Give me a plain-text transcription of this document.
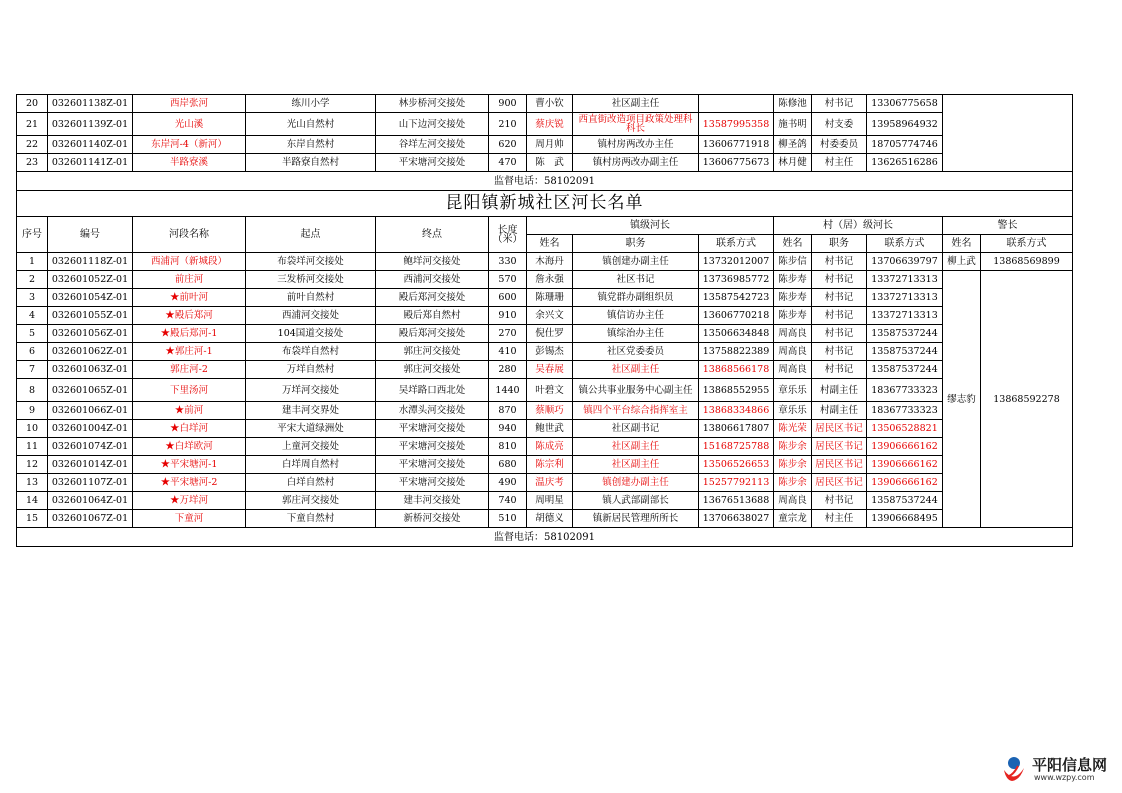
20	032601138Z-01	西岸张河	练川小学	林步桥河交接处	900	曹小钦	社区副主任		陈修池	村书记	13306775658		
21	032601139Z-01	光山溪	光山自然村	山下边河交接处	210	蔡庆锐	西直街改造项目政策处理科科长	13587995358	施书明	村支委	13958964932		
22	032601140Z-01	东岸河-4（新河）	东岸自然村	谷垟左河交接处	620	周月帅	镇村房两改办主任	13606771918	柳圣鸽	村委委员	18705774746		
23	032601141Z-01	半路寮溪	半路寮自然村	平宋塘河交接处	470	陈　武	镇村房两改办副主任	13606775673	林月健	村主任	13626516286		
监督电话：58102091													
昆阳镇新城社区河长名单													
序号	编号	河段名称	起点	终点	长度（米）	镇级河长			村（居）级河长			警长	
						姓名	职务	联系方式	姓名	职务	联系方式	姓名	联系方式
1	032601118Z-01	西浦河（新城段）	布袋垟河交接处	鲍垟河交接处	330	木海丹	镇创建办副主任	13732012007	陈步信	村书记	13706639797	柳上武	13868569899
2	032601052Z-01	前庄河	三发桥河交接处	西浦河交接处	570	詹永强	社区书记	13736985772	陈步寿	村书记	13372713313	缪志豹	13868592278
3	032601054Z-01	★前叶河	前叶自然村	殿后郑河交接处	600	陈珊珊	镇党群办副组织员	13587542723	陈步寿	村书记	13372713313		
4	032601055Z-01	★殿后郑河	西浦河交接处	殿后郑自然村	910	余兴文	镇信访办主任	13606770218	陈步寿	村书记	13372713313		
5	032601056Z-01	★殿后郑河-1	104国道交接处	殿后郑河交接处	270	倪仕罗	镇综治办主任	13506634848	周高良	村书记	13587537244		
6	032601062Z-01	★郭庄河-1	布袋垟自然村	郭庄河交接处	410	彭锡杰	社区党委委员	13758822389	周高良	村书记	13587537244		
7	032601063Z-01	郭庄河-2	万垟自然村	郭庄河交接处	280	吴春展	社区副主任	13868566178	周高良	村书记	13587537244		
8	032601065Z-01	下里汤河	万垟河交接处	吴垟路口西北处	1440	叶碧文	镇公共事业服务中心副主任	13868552955	章乐乐	村副主任	18367733323		
9	032601066Z-01	★前河	建丰河交界处	水潭头河交接处	870	蔡顺巧	镇四个平台综合指挥室主	13868334866	章乐乐	村副主任	18367733323		
10	032601004Z-01	★白垟河	平宋大道绿洲处	平宋塘河交接处	940	鲍世武	社区副书记	13806617807	陈光荣	居民区书记	13506528821		
11	032601074Z-01	★白垟欧河	上童河交接处	平宋塘河交接处	810	陈成亮	社区副主任	15168725788	陈步余	居民区书记	13906666162		
12	032601014Z-01	★平宋塘河-1	白垟周自然村	平宋塘河交接处	680	陈宗利	社区副主任	13506526653	陈步余	居民区书记	13906666162		
13	032601107Z-01	★平宋塘河-2	白垟自然村	平宋塘河交接处	490	温庆考	镇创建办副主任	15257792113	陈步余	居民区书记	13906666162		
14	032601064Z-01	★万垟河	郭庄河交接处	建丰河交接处	740	周明星	镇人武部副部长	13676513688	周高良	村书记	13587537244		
15	032601067Z-01	下童河	下童自然村	新桥河交接处	510	胡德义	镇新居民管理所所长	13706638027	童宗龙	村主任	13906668495		
监督电话：58102091													
平阳信息网
www.wzpy.com
